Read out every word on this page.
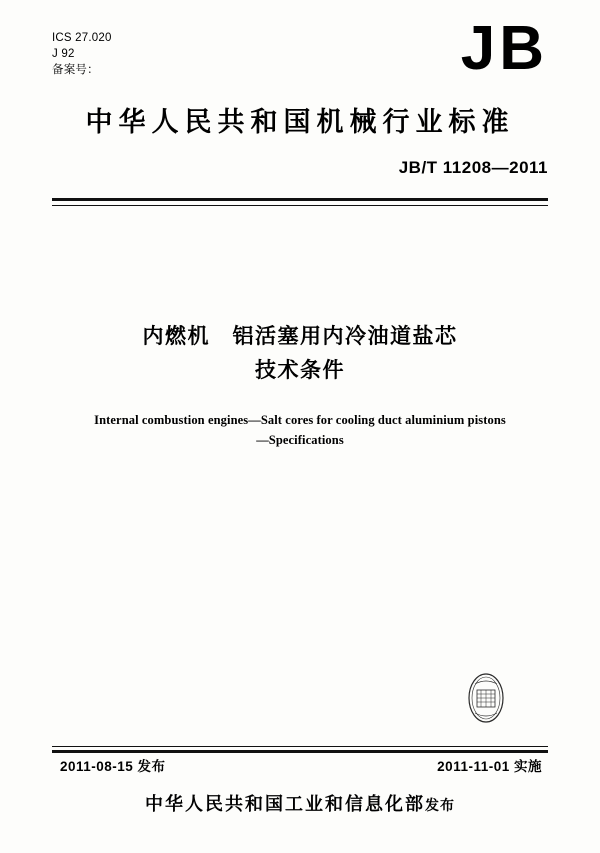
ICS 27.020
J 92
备案号：	JB
中华人民共和国机械行业标准
JB/T 11208—2011
内燃机　铝活塞用内冷油道盐芯
技术条件
Internal combustion engines—Salt cores for cooling duct aluminium pistons
—Specifications
2011-08-15 发布	2011-11-01 实施
中华人民共和国工业和信息化部发布
